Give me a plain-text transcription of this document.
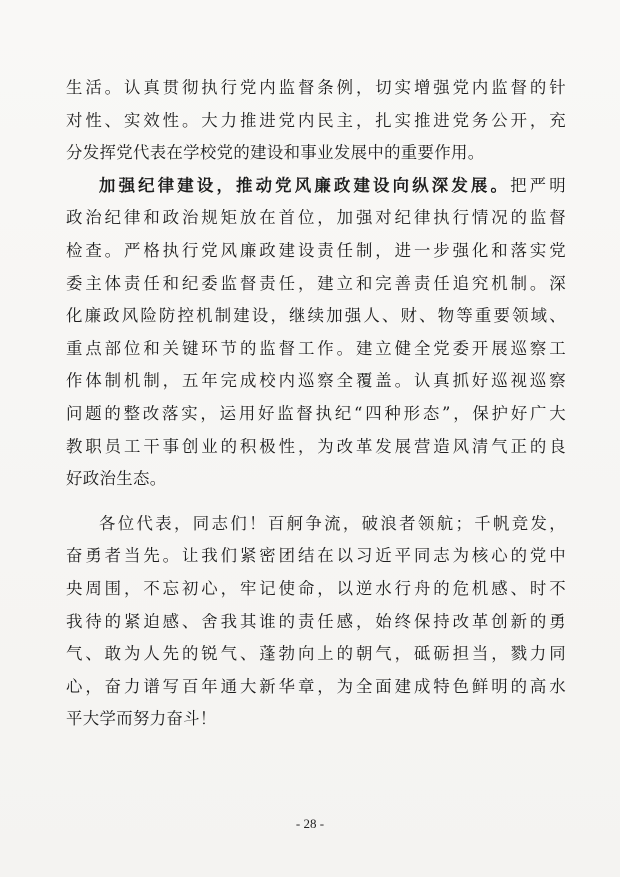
生活。认真贯彻执行党内监督条例，切实增强党内监督的针
对性、实效性。大力推进党内民主，扎实推进党务公开，充
分发挥党代表在学校党的建设和事业发展中的重要作用。

加强纪律建设，推动党风廉政建设向纵深发展。把严明
政治纪律和政治规矩放在首位，加强对纪律执行情况的监督
检查。严格执行党风廉政建设责任制，进一步强化和落实党
委主体责任和纪委监督责任，建立和完善责任追究机制。深
化廉政风险防控机制建设，继续加强人、财、物等重要领域、
重点部位和关键环节的监督工作。建立健全党委开展巡察工
作体制机制，五年完成校内巡察全覆盖。认真抓好巡视巡察
问题的整改落实，运用好监督执纪“四种形态”，保护好广大
教职员工干事创业的积极性，为改革发展营造风清气正的良
好政治生态。

各位代表，同志们！百舸争流，破浪者领航；千帆竞发，
奋勇者当先。让我们紧密团结在以习近平同志为核心的党中
央周围，不忘初心，牢记使命，以逆水行舟的危机感、时不
我待的紧迫感、舍我其谁的责任感，始终保持改革创新的勇
气、敢为人先的锐气、蓬勃向上的朝气，砥砺担当，戮力同
心，奋力谱写百年通大新华章，为全面建成特色鲜明的高水
平大学而努力奋斗！

- 28 -
